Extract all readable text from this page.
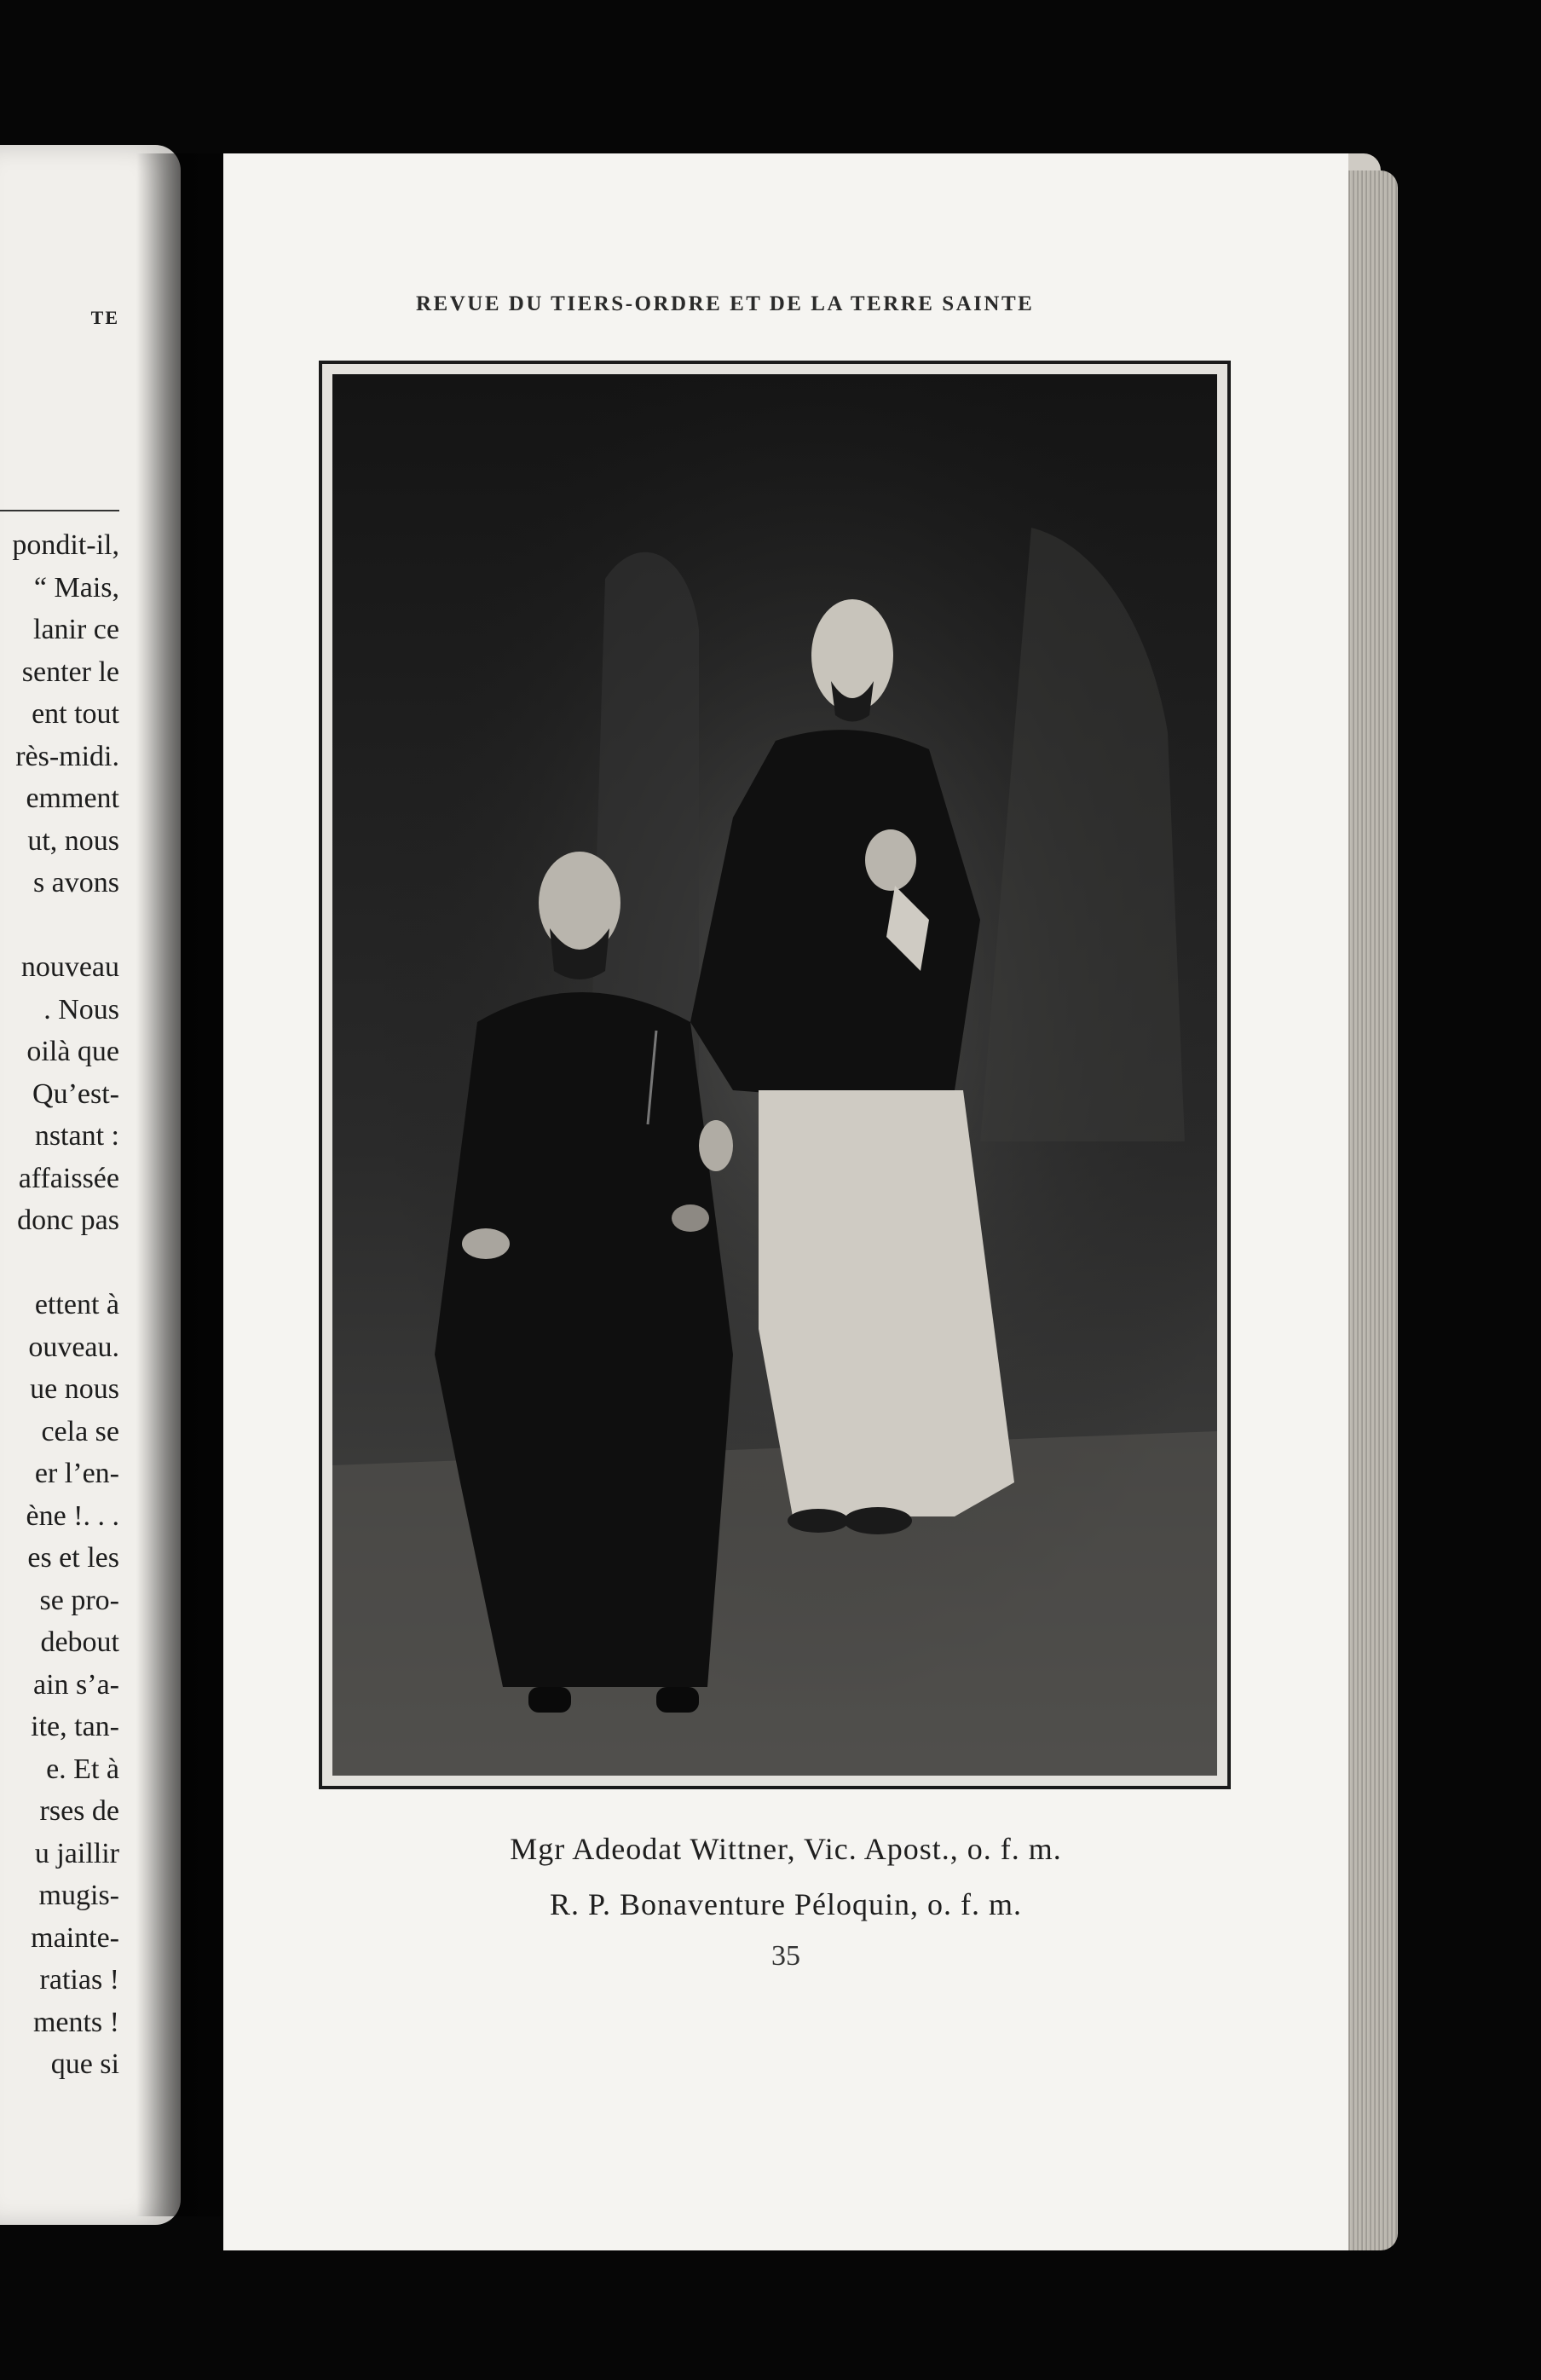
TE
pondit-il,
“ Mais,
lanir ce
senter le
ent tout
rès-midi.
emment
ut, nous
s avons
nouveau
. Nous
oilà que
Qu’est-
nstant :
affaissée
donc pas
ettent à
ouveau.
ue nous
cela se
er l’en-
ène !. . .
es et les
se pro-
debout
ain s’a-
ite, tan-
e. Et à
rses de
u jaillir
mugis-
mainte-
ratias !
ments !
que si
REVUE DU TIERS-ORDRE ET DE LA TERRE SAINTE
Mgr Adeodat Wittner, Vic. Apost., o. f. m.
R. P. Bonaventure Péloquin, o. f. m.
35
